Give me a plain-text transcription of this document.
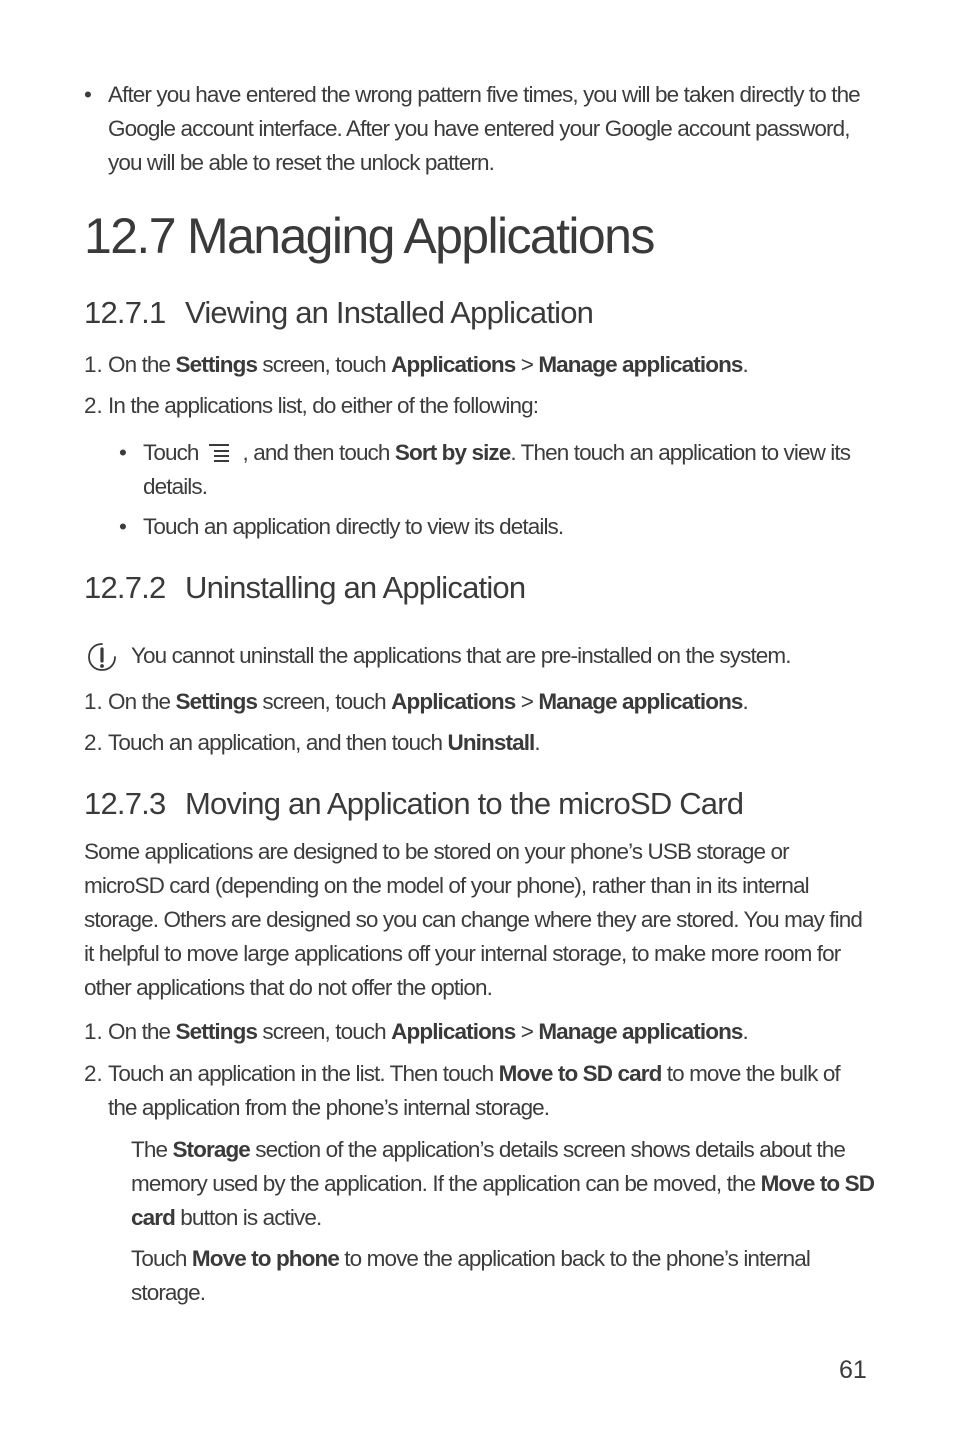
• After you have entered the wrong pattern five times, you will be taken directly to the Google account interface. After you have entered your Google account password, you will be able to reset the unlock pattern.
12.7 Managing Applications
12.7.1 Viewing an Installed Application
1. On the Settings screen, touch Applications > Manage applications.
2. In the applications list, do either of the following:
• Touch , and then touch Sort by size. Then touch an application to view its details.
• Touch an application directly to view its details.
12.7.2 Uninstalling an Application
You cannot uninstall the applications that are pre-installed on the system.
1. On the Settings screen, touch Applications > Manage applications.
2. Touch an application, and then touch Uninstall.
12.7.3 Moving an Application to the microSD Card
Some applications are designed to be stored on your phone’s USB storage or microSD card (depending on the model of your phone), rather than in its internal storage. Others are designed so you can change where they are stored. You may find it helpful to move large applications off your internal storage, to make more room for other applications that do not offer the option.
1. On the Settings screen, touch Applications > Manage applications.
2. Touch an application in the list. Then touch Move to SD card to move the bulk of the application from the phone’s internal storage.
The Storage section of the application’s details screen shows details about the memory used by the application. If the application can be moved, the Move to SD card button is active.
Touch Move to phone to move the application back to the phone’s internal storage.
61
